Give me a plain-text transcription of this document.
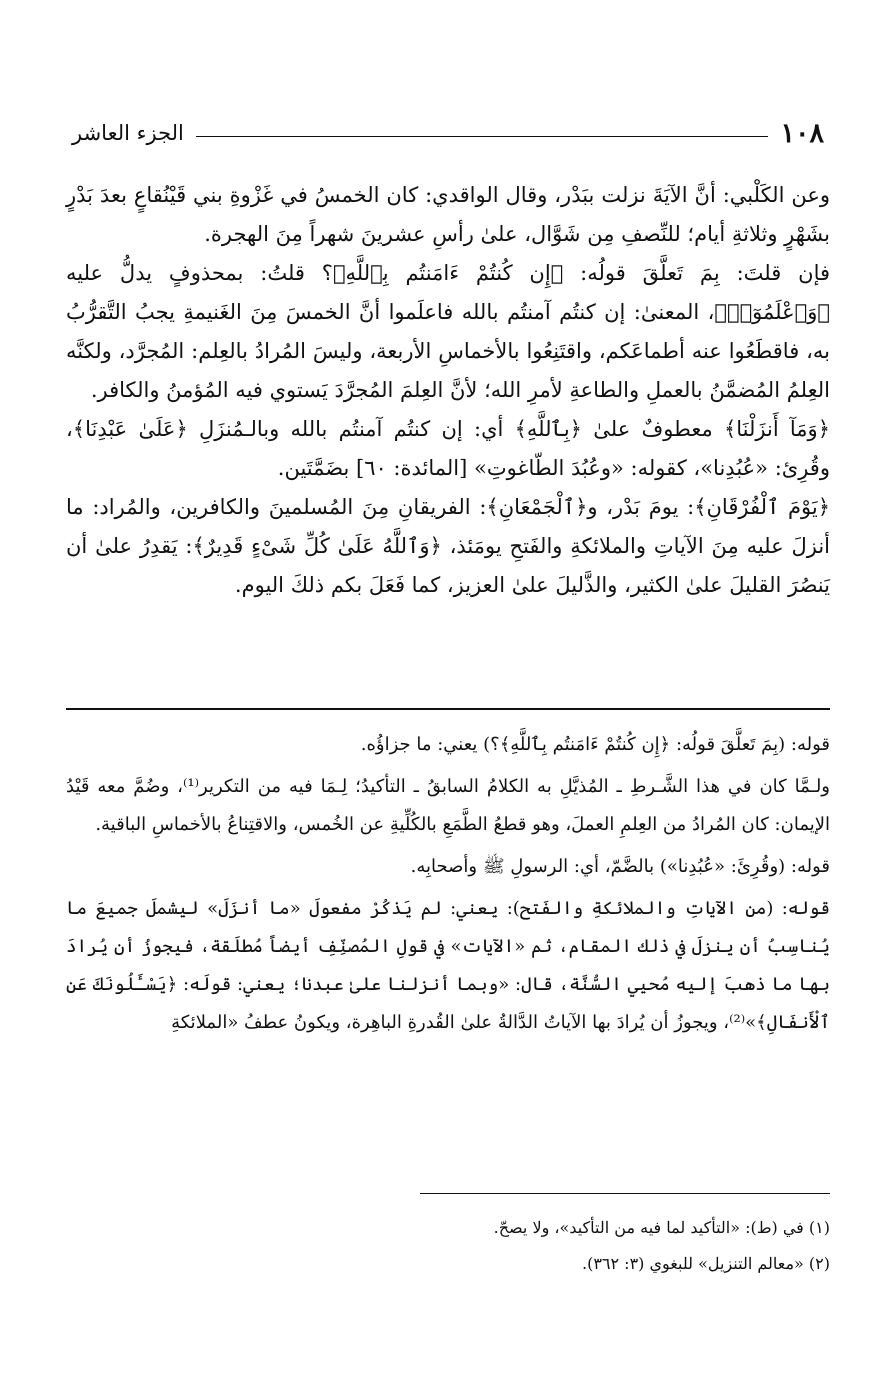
١٠٨
الجزء العاشر

وعن الكَلْبي: أنَّ الآيَةَ نزلت ببَدْر، وقال الواقدي: كان الخمسُ في غَزْوةِ بني قَيْنُقاعٍ بعدَ بَدْرٍ بشَهْرٍ وثلاثةِ أيام؛ للنِّصفِ مِن شَوَّال، علىٰ رأسِ عشرينَ شهراً مِنَ الهجرة.

فإن قلتَ: بِمَ تَعلَّقَ قولُه: ﴿إِن كُنتُمْ ءَامَنتُم بِٱللَّهِ﴾؟ قلتُ: بمحذوفٍ يدلُّ عليه ﴿وَٱعْلَمُوٓا۟﴾، المعنىٰ: إن كنتُم آمنتُم بالله فاعلَموا أنَّ الخمسَ مِنَ الغَنيمةِ يجبُ التَّقرُّبُ به، فاقطَعُوا عنه أطماعَكم، واقتَنِعُوا بالأخماسِ الأربعة، وليسَ المُرادُ بالعِلم: المُجرَّد، ولكنَّه العِلمُ المُضمَّنُ بالعملِ والطاعةِ لأمرِ الله؛ لأنَّ العِلمَ المُجرَّدَ يَستوي فيه المُؤمنُ والكافر.

﴿وَمَآ أَنزَلْنَا﴾ معطوفٌ علىٰ ﴿بِٱللَّهِ﴾ أي: إن كنتُم آمنتُم بالله وبالـمُنزَلِ ﴿عَلَىٰ عَبْدِنَا﴾، وقُرِئ: «عُبُدِنا»، كقوله: «وعُبُدَ الطّاغوتِ» [المائدة: ٦٠] بضَمَّتَين.

﴿يَوْمَ ٱلْفُرْقَانِ﴾: يومَ بَدْر، و﴿ٱلْجَمْعَانِ﴾: الفريقانِ مِنَ المُسلمينَ والكافرين، والمُراد: ما أنزلَ عليه مِنَ الآياتِ والملائكةِ والفَتحِ يومَئذ، ﴿وَٱللَّهُ عَلَىٰ كُلِّ شَىْءٍ قَدِيرٌ﴾: يَقدِرُ علىٰ أن يَنصُرَ القليلَ علىٰ الكثير، والذَّليلَ علىٰ العزيز، كما فَعَلَ بكم ذلكَ اليوم.

قوله: (بِمَ تَعلَّقَ قولُه: ﴿إِن كُنتُمْ ءَامَنتُم بِٱللَّهِ﴾؟) يعني: ما جزاؤُه.

ولـمَّا كان في هذا الشَّـرطِ ـ المُذيَّلِ به الكلامُ السابقُ ـ التأكيدُ؛ لِـمَا فيه من التكرير⁽¹⁾، وضُمَّ معه قَيْدُ الإيمان: كان المُرادُ من العِلمِ العملَ، وهو قطعُ الطَّمَعِ بالكُلِّيةِ عن الخُمس، والاقتِناعُ بالأخماسِ الباقية.

قوله: (وقُرِئَ: «عُبُدِنا») بالضَّمّ، أي: الرسولِ ﷺ وأصحابِه.

قوله: (من الآياتِ والملائكةِ والفَتح): يعني: لم يَذكُرْ مفعولَ «ما أنزَلَ» ليشملَ جميعَ ما يُناسِبُ أن ينزلَ في ذلك المقام، ثم «الآيات» في قولِ المُصنِّفِ أيضاً مُطلَقة، فيجوزُ أن يُرادَ بها ما ذهبَ إليه مُحيي السُّنَّة، قال: «وبما أنزلنا علىٰ عبدنا؛ يعني: قولَه: ﴿يَسْـَٔلُونَكَ عَنِ ٱلْأَنفَالِ﴾»⁽²⁾، ويجوزُ أن يُرادَ بها الآياتُ الدَّالةُ علىٰ القُدرةِ الباهِرة، ويكونُ عطفُ «الملائكةِ

(١) في (ط): «التأكيد لما فيه من التأكيد»، ولا يصحّ.

(٢) «معالم التنزيل» للبغوي (٣: ٣٦٢).
